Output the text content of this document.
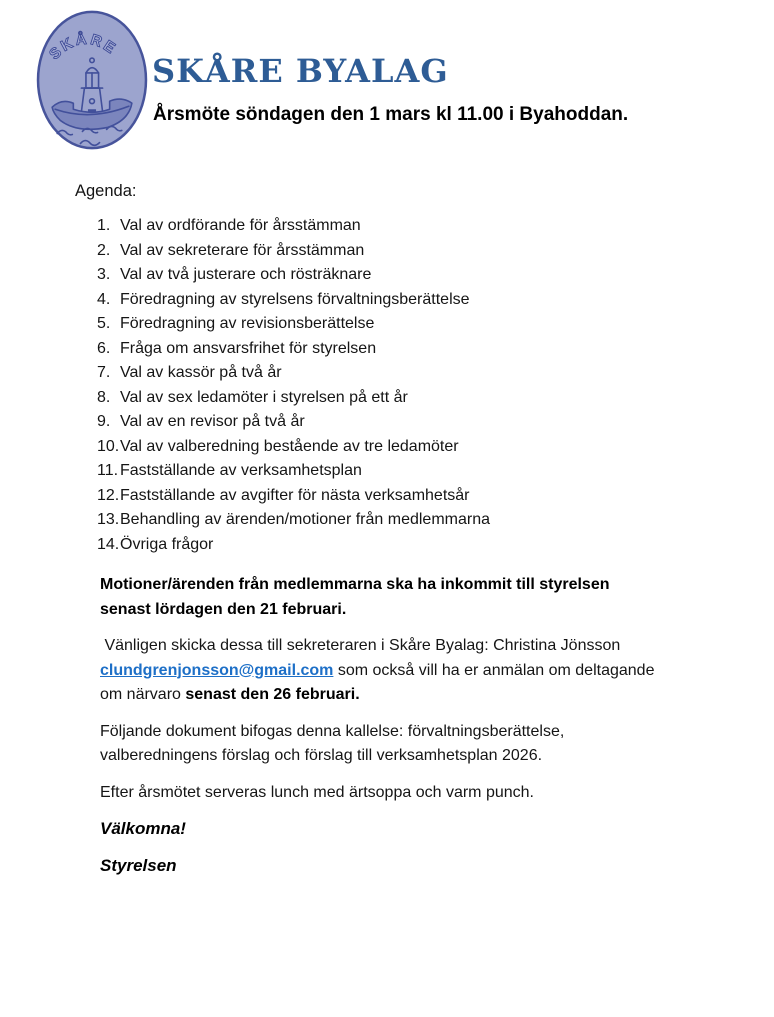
SKÅRE
SKÅRE BYALAG
Årsmöte söndagen den 1 mars kl 11.00 i Byahoddan.
Agenda:
1. Val av ordförande för årsstämman
2. Val av sekreterare för årsstämman
3. Val av två justerare och rösträknare
4. Föredragning av styrelsens förvaltningsberättelse
5. Föredragning av revisionsberättelse
6. Fråga om ansvarsfrihet för styrelsen
7. Val av kassör på två år
8. Val av sex ledamöter i styrelsen på ett år
9. Val av en revisor på två år
10.Val av valberedning bestående av tre ledamöter
11. Fastställande av verksamhetsplan
12.Fastställande av avgifter för nästa verksamhetsår
13.Behandling av ärenden/motioner från medlemmarna
14.Övriga frågor
Motioner/ärenden från medlemmarna ska ha inkommit till styrelsen
senast lördagen den 21 februari.
Vänligen skicka dessa till sekreteraren i Skåre Byalag: Christina Jönsson
clundgrenjonsson@gmail.com som också vill ha er anmälan om deltagande
om närvaro senast den 26 februari.
Följande dokument bifogas denna kallelse: förvaltningsberättelse,
valberedningens förslag och förslag till verksamhetsplan 2026.
Efter årsmötet serveras lunch med ärtsoppa och varm punch.
Välkomna!
Styrelsen
